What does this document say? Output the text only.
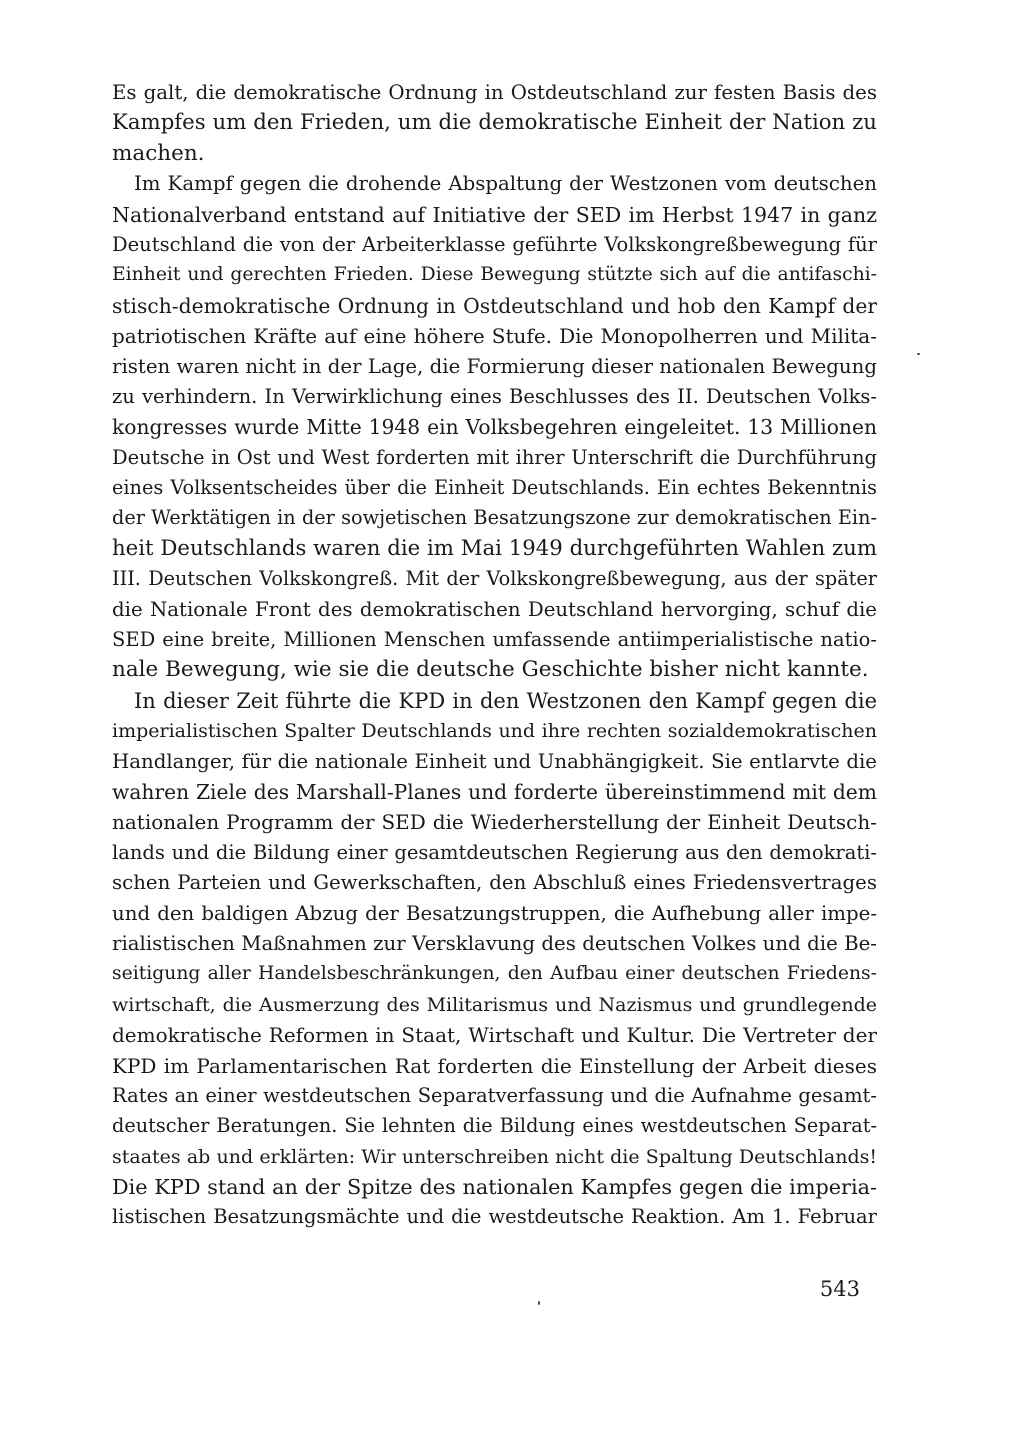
Es galt, die demokratische Ordnung in Ostdeutschland zur festen Basis des
Kampfes um den Frieden, um die demokratische Einheit der Nation zu
machen.
Im Kampf gegen die drohende Abspaltung der Westzonen vom deutschen
Nationalverband entstand auf Initiative der SED im Herbst 1947 in ganz
Deutschland die von der Arbeiterklasse geführte Volkskongreßbewegung für
Einheit und gerechten Frieden. Diese Bewegung stützte sich auf die antifaschi-
stisch-demokratische Ordnung in Ostdeutschland und hob den Kampf der
patriotischen Kräfte auf eine höhere Stufe. Die Monopolherren und Milita-
risten waren nicht in der Lage, die Formierung dieser nationalen Bewegung
zu verhindern. In Verwirklichung eines Beschlusses des II. Deutschen Volks-
kongresses wurde Mitte 1948 ein Volksbegehren eingeleitet. 13 Millionen
Deutsche in Ost und West forderten mit ihrer Unterschrift die Durchführung
eines Volksentscheides über die Einheit Deutschlands. Ein echtes Bekenntnis
der Werktätigen in der sowjetischen Besatzungszone zur demokratischen Ein-
heit Deutschlands waren die im Mai 1949 durchgeführten Wahlen zum
III. Deutschen Volkskongreß. Mit der Volkskongreßbewegung, aus der später
die Nationale Front des demokratischen Deutschland hervorging, schuf die
SED eine breite, Millionen Menschen umfassende antiimperialistische natio-
nale Bewegung, wie sie die deutsche Geschichte bisher nicht kannte.
In dieser Zeit führte die KPD in den Westzonen den Kampf gegen die
imperialistischen Spalter Deutschlands und ihre rechten sozialdemokratischen
Handlanger, für die nationale Einheit und Unabhängigkeit. Sie entlarvte die
wahren Ziele des Marshall-Planes und forderte übereinstimmend mit dem
nationalen Programm der SED die Wiederherstellung der Einheit Deutsch-
lands und die Bildung einer gesamtdeutschen Regierung aus den demokrati-
schen Parteien und Gewerkschaften, den Abschluß eines Friedensvertrages
und den baldigen Abzug der Besatzungstruppen, die Aufhebung aller impe-
rialistischen Maßnahmen zur Versklavung des deutschen Volkes und die Be-
seitigung aller Handelsbeschränkungen, den Aufbau einer deutschen Friedens-
wirtschaft, die Ausmerzung des Militarismus und Nazismus und grundlegende
demokratische Reformen in Staat, Wirtschaft und Kultur. Die Vertreter der
KPD im Parlamentarischen Rat forderten die Einstellung der Arbeit dieses
Rates an einer westdeutschen Separatverfassung und die Aufnahme gesamt-
deutscher Beratungen. Sie lehnten die Bildung eines westdeutschen Separat-
staates ab und erklärten: Wir unterschreiben nicht die Spaltung Deutschlands!
Die KPD stand an der Spitze des nationalen Kampfes gegen die imperia-
listischen Besatzungsmächte und die westdeutsche Reaktion. Am 1. Februar
543
